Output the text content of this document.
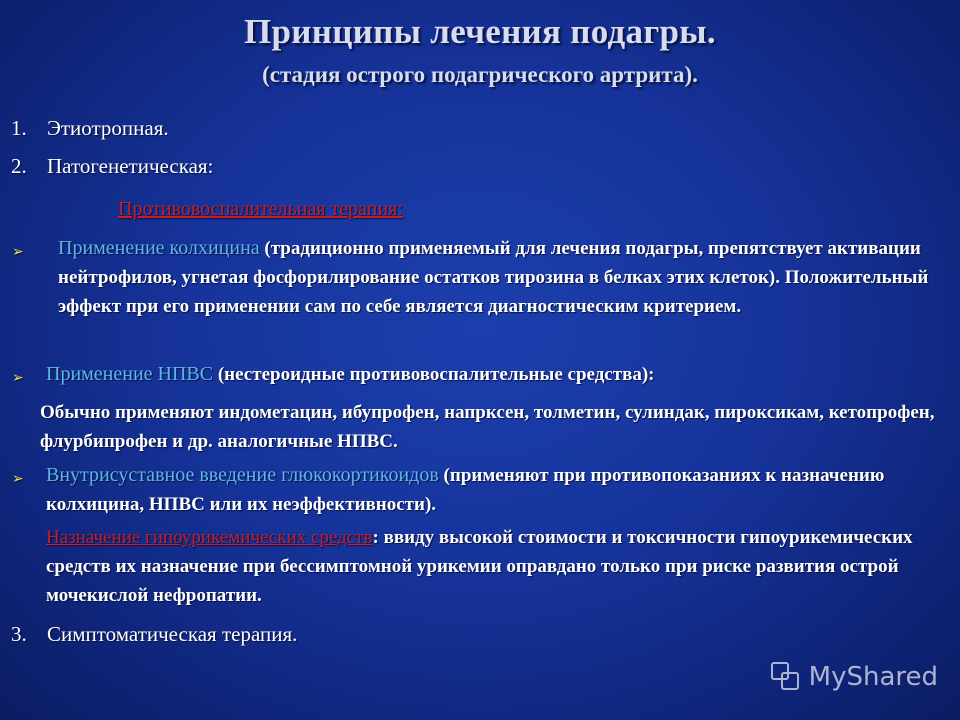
Принципы лечения подагры.
(стадия острого подагрического артрита).
1. Этиотропная.
2. Патогенетическая:
Противовоспалительная терапия:
➢ Применение колхицина (традиционно применяемый для лечения подагры, препятствует активации нейтрофилов, угнетая фосфорилирование остатков тирозина в белках этих клеток). Положительный эффект при его применении сам по себе является диагностическим критерием.
➢ Применение НПВС (нестероидные противовоспалительные средства):
Обычно применяют индометацин, ибупрофен, напрксен, толметин, сулиндак, пироксикам, кетопрофен, флурбипрофен и др. аналогичные НПВС.
➢ Внутрисуставное введение глюкокортикоидов (применяют при противопоказаниях к назначению колхицина, НПВС или их неэффективности).
Назначение гипоурикемических средств: ввиду высокой стоимости и токсичности гипоурикемических средств их назначение при бессимптомной урикемии оправдано только при риске развития острой мочекислой нефропатии.
3. Симптоматическая терапия.
MyShared
